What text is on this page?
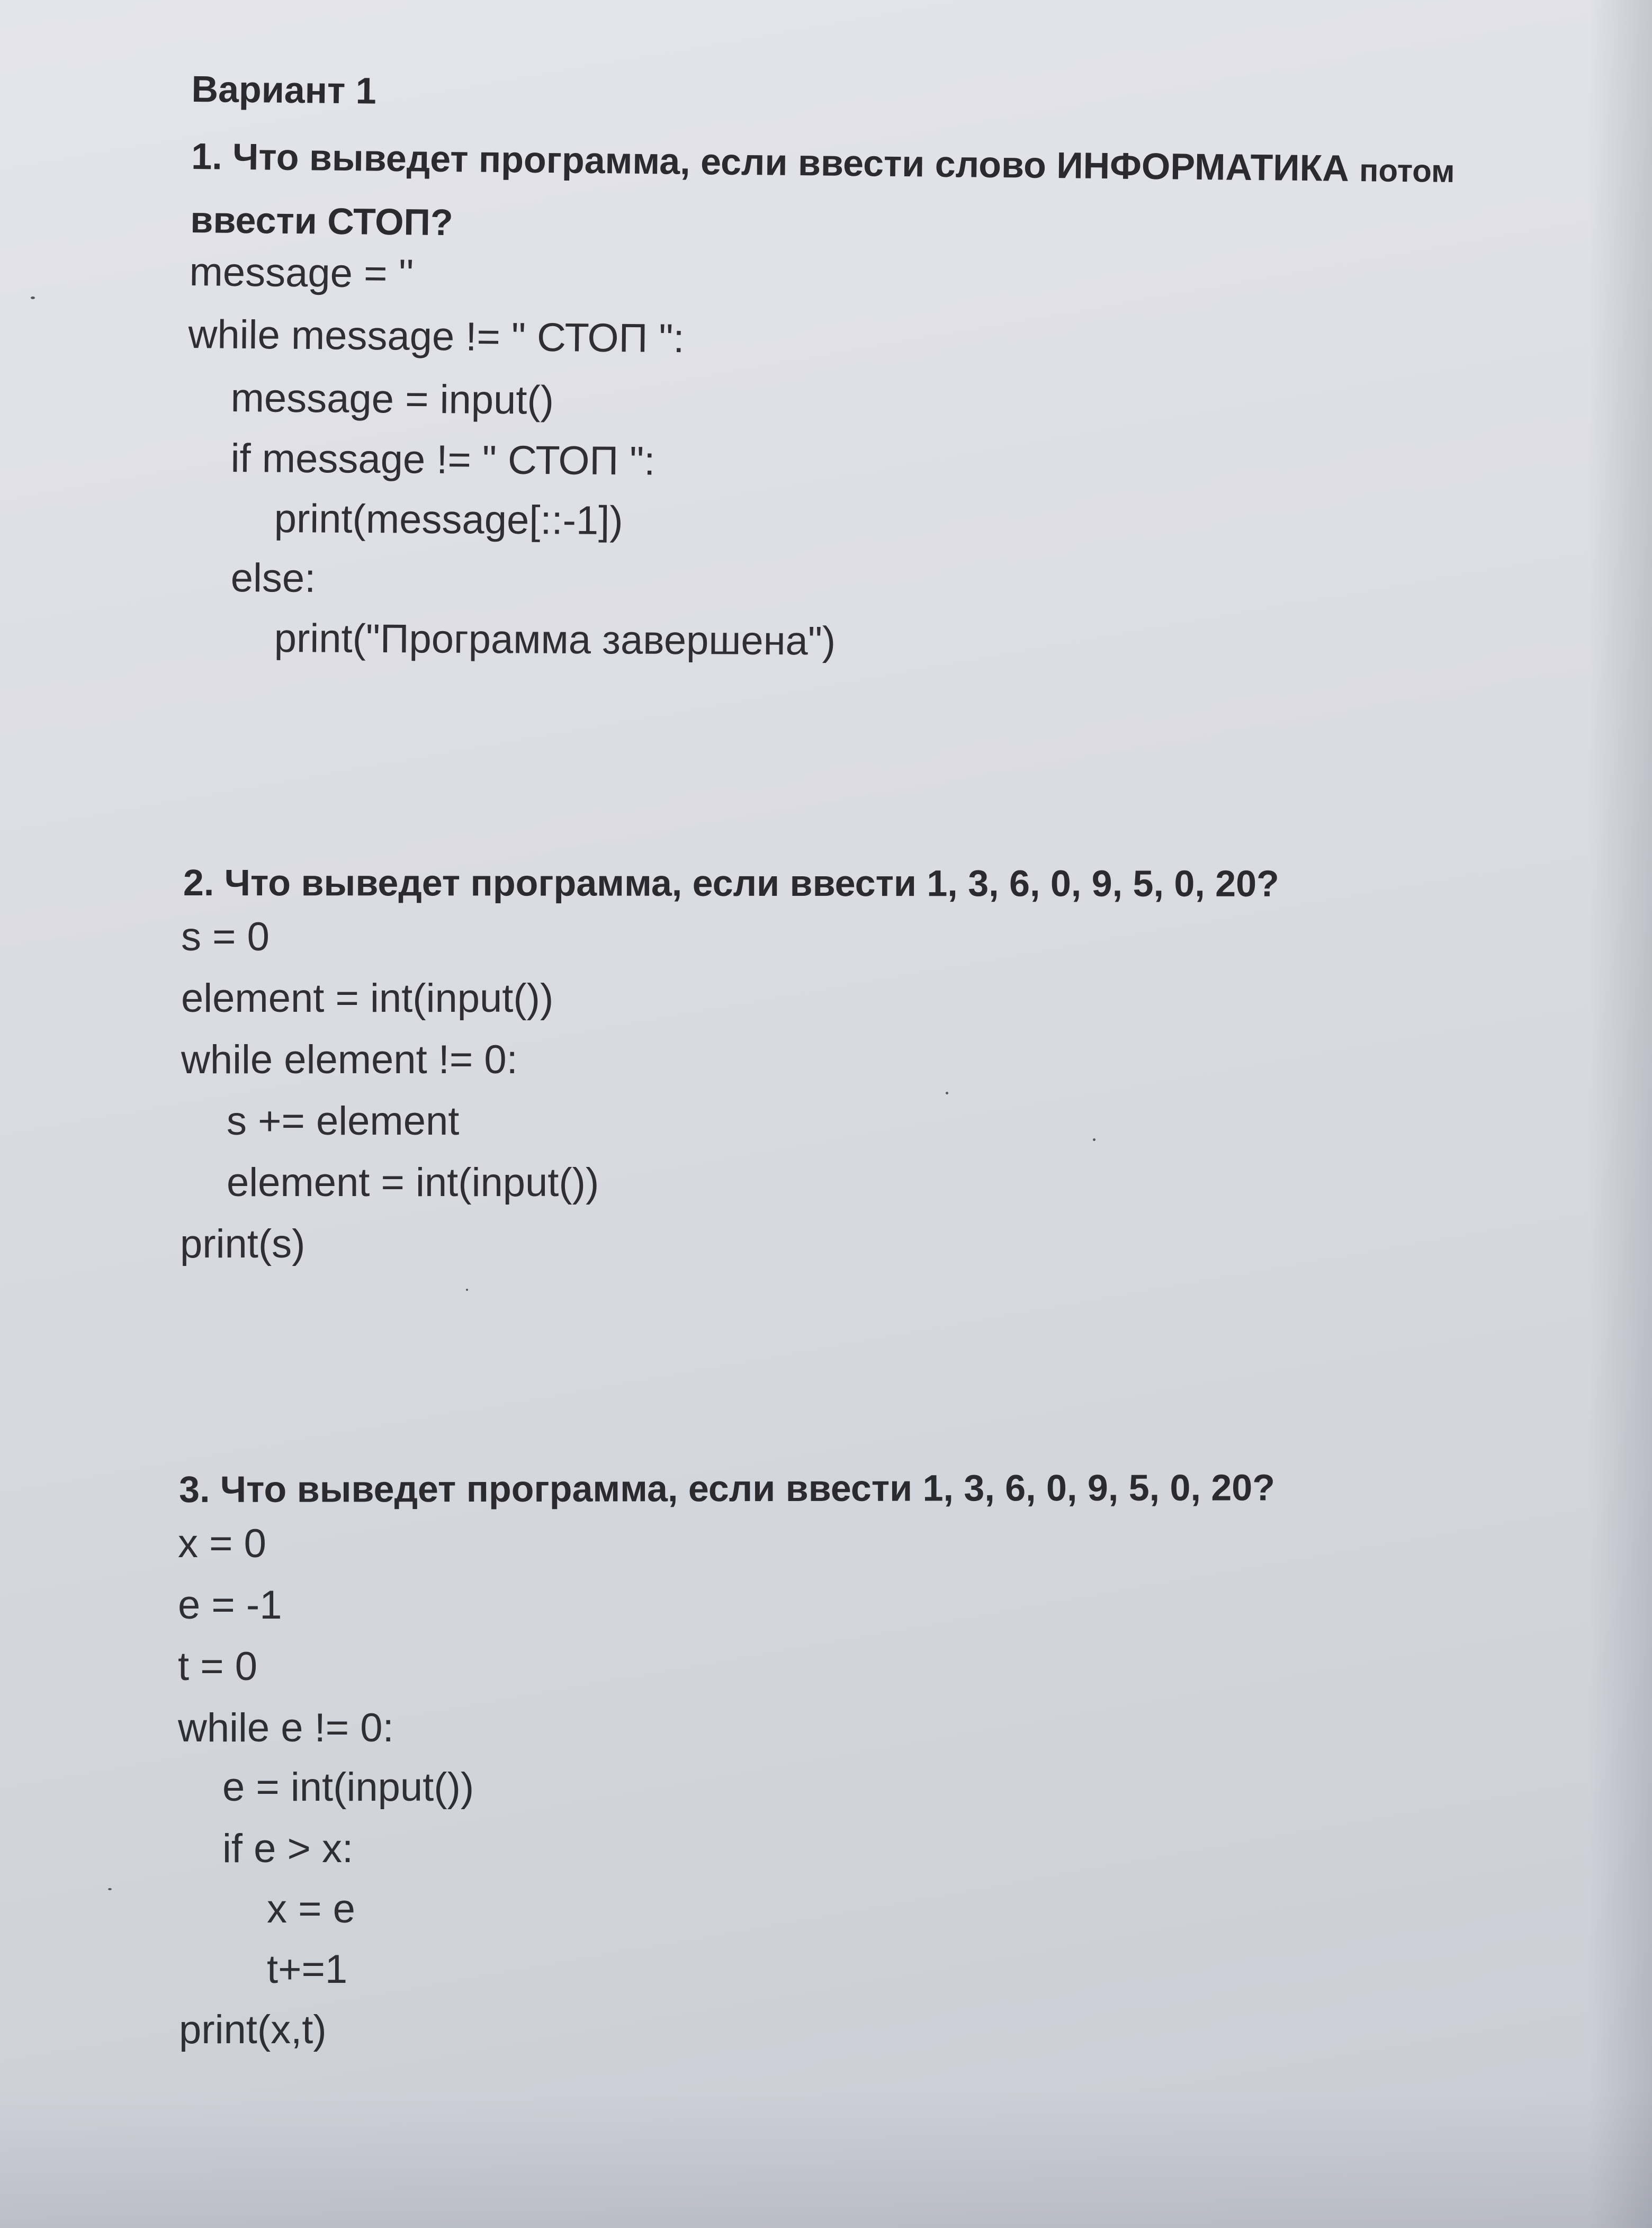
Вариант 1
1. Что выведет программа, если ввести слово ИНФОРМАТИКА потом
ввести СТОП?
message = ''
while message != " СТОП ":
message = input()
if message != " СТОП ":
print(message[::-1])
else:
print("Программа завершена")
2. Что выведет программа, если ввести 1, 3, 6, 0, 9, 5, 0, 20?
s = 0
element = int(input())
while element != 0:
s += element
element = int(input())
print(s)
3. Что выведет программа, если ввести 1, 3, 6, 0, 9, 5, 0, 20?
x = 0
e = -1
t = 0
while e != 0:
e = int(input())
if e > x:
x = e
t+=1
print(x,t)
